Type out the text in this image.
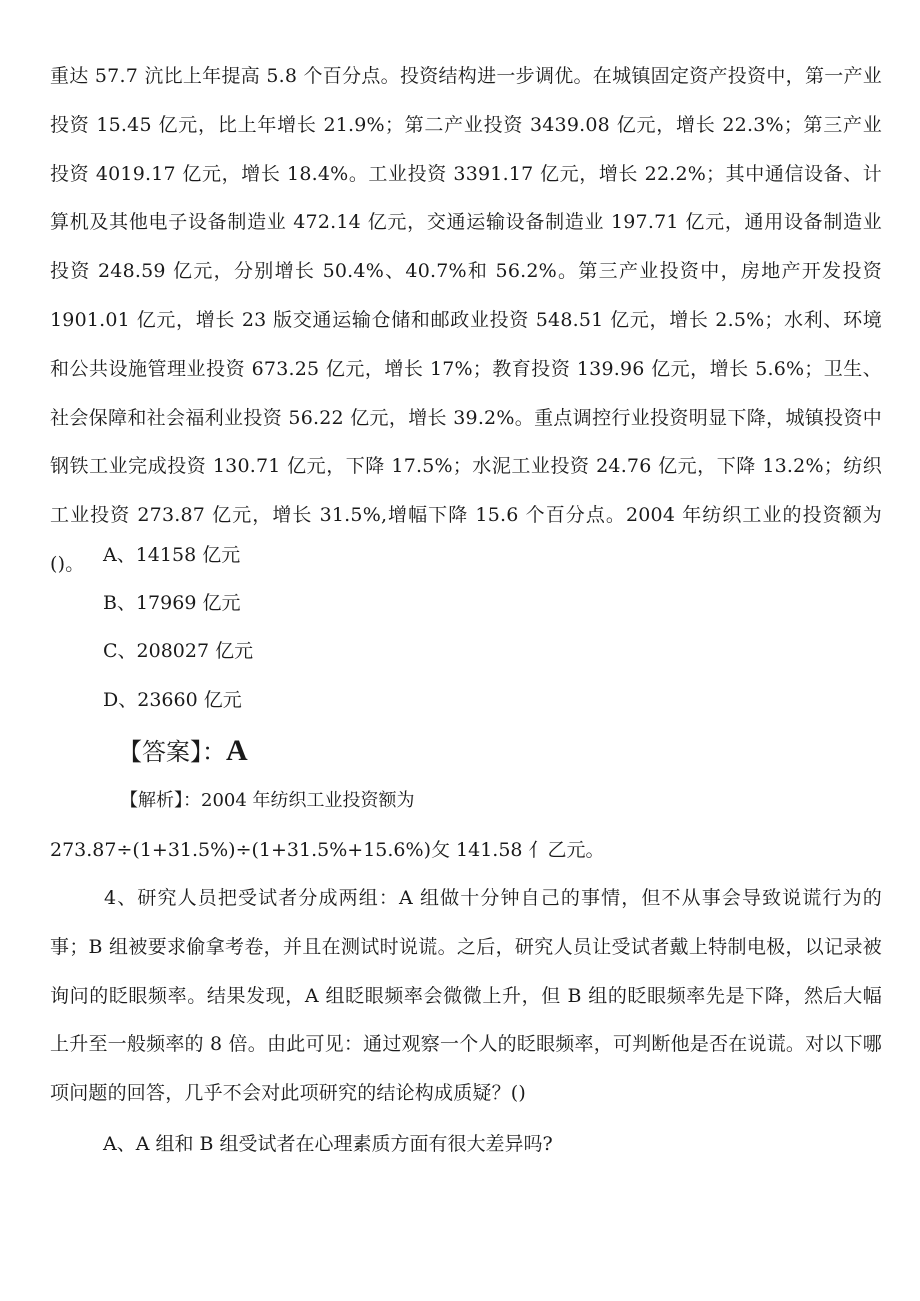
重达 57.7 沆比上年提高 5.8 个百分点。投资结构进一步调优。在城镇固定资产投资中，第一产业投资 15.45 亿元，比上年增长 21.9%；第二产业投资 3439.08 亿元，增长 22.3%；第三产业投资 4019.17 亿元，增长 18.4%。工业投资 3391.17 亿元，增长 22.2%；其中通信设备、计算机及其他电子设备制造业 472.14 亿元，交通运输设备制造业 197.71 亿元，通用设备制造业投资 248.59 亿元，分别增长 50.4%、40.7%和 56.2%。第三产业投资中，房地产开发投资 1901.01 亿元，增长 23 版交通运输仓储和邮政业投资 548.51 亿元，增长 2.5%；水利、环境和公共设施管理业投资 673.25 亿元，增长 17%；教育投资 139.96 亿元，增长 5.6%；卫生、社会保障和社会福利业投资 56.22 亿元，增长 39.2%。重点调控行业投资明显下降，城镇投资中钢铁工业完成投资 130.71 亿元，下降 17.5%；水泥工业投资 24.76 亿元，下降 13.2%；纺织工业投资 273.87 亿元，增长 31.5%,增幅下降 15.6 个百分点。2004 年纺织工业的投资额为()。 A、14158 亿元

B、17969 亿元

C、208027 亿元

D、23660 亿元

【答案】：A
【解析】：2004 年纺织工业投资额为
273.87÷(1+31.5%)÷(1+31.5%+15.6%)攵 141.58 亻乙元。

4、研究人员把受试者分成两组：A 组做十分钟自己的事情，但不从事会导致说谎行为的事；B 组被要求偷拿考卷，并且在测试时说谎。之后，研究人员让受试者戴上特制电极，以记录被询问的眨眼频率。结果发现，A 组眨眼频率会微微上升，但 B 组的眨眼频率先是下降，然后大幅上升至一般频率的 8 倍。由此可见：通过观察一个人的眨眼频率，可判断他是否在说谎。对以下哪项问题的回答，几乎不会对此项研究的结论构成质疑？()

A、A 组和 B 组受试者在心理素质方面有很大差异吗?
